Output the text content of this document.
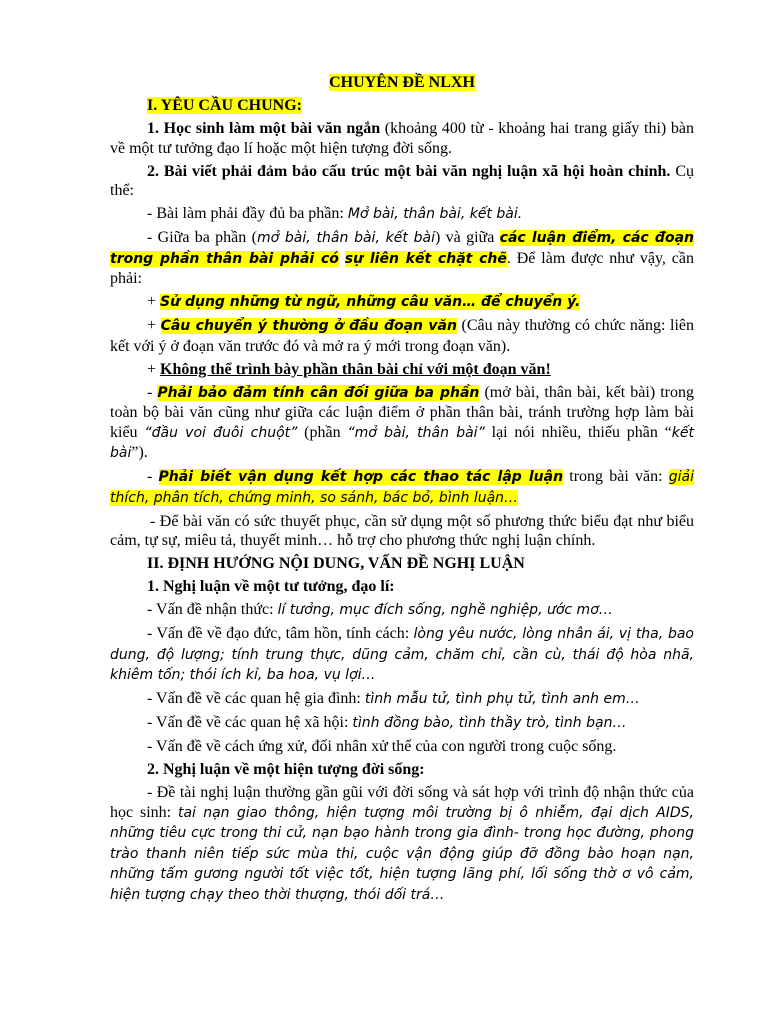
CHUYÊN ĐỀ NLXH

I. YÊU CẦU CHUNG:

1. Học sinh làm một bài văn ngắn (khoảng 400 từ - khoảng hai trang giấy thi) bàn về một tư tưởng đạo lí hoặc một hiện tượng đời sống.

2. Bài viết phải đảm bảo cấu trúc một bài văn nghị luận xã hội hoàn chỉnh. Cụ thể:

- Bài làm phải đầy đủ ba phần: Mở bài, thân bài, kết bài.

- Giữa ba phần (mở bài, thân bài, kết bài) và giữa các luận điểm, các đoạn trong phần thân bài phải có sự liên kết chặt chẽ. Để làm được như vậy, cần phải:

+ Sử dụng những từ ngữ, những câu văn… để chuyển ý.

+ Câu chuyển ý thường ở đầu đoạn văn (Câu này thường có chức năng: liên kết với ý ở đoạn văn trước đó và mở ra ý mới trong đoạn văn).

+ Không thể trình bày phần thân bài chỉ với một đoạn văn!

- Phải bảo đảm tính cân đối giữa ba phần (mở bài, thân bài, kết bài) trong toàn bộ bài văn cũng như giữa các luận điểm ở phần thân bài, tránh trường hợp làm bài kiểu “đầu voi đuôi chuột” (phần “mở bài, thân bài” lại nói nhiều, thiếu phần “kết bài”).

- Phải biết vận dụng kết hợp các thao tác lập luận trong bài văn: giải thích, phân tích, chứng minh, so sánh, bác bỏ, bình luận…

- Để bài văn có sức thuyết phục, cần sử dụng một số phương thức biểu đạt như biểu cảm, tự sự, miêu tả, thuyết minh… hỗ trợ cho phương thức nghị luận chính.

II. ĐỊNH HƯỚNG NỘI DUNG, VẤN ĐỀ NGHỊ LUẬN

1. Nghị luận về một tư tưởng, đạo lí:

- Vấn đề nhận thức: lí tưởng, mục đích sống, nghề nghiệp, ước mơ…

- Vấn đề về đạo đức, tâm hồn, tính cách: lòng yêu nước, lòng nhân ái, vị tha, bao dung, độ lượng; tính trung thực, dũng cảm, chăm chỉ, cần cù, thái độ hòa nhã, khiêm tốn; thói ích kỉ, ba hoa, vụ lợi…

- Vấn đề về các quan hệ gia đình: tình mẫu tử, tình phụ tử, tình anh em…

- Vấn đề về các quan hệ xã hội: tình đồng bào, tình thầy trò, tình bạn…

- Vấn đề về cách ứng xử, đối nhân xử thế của con người trong cuộc sống.

2. Nghị luận về một hiện tượng đời sống:

- Đề tài nghị luận thường gần gũi với đời sống và sát hợp với trình độ nhận thức của học sinh: tai nạn giao thông, hiện tượng môi trường bị ô nhiễm, đại dịch AIDS, những tiêu cực trong thi cử, nạn bạo hành trong gia đình- trong học đường, phong trào thanh niên tiếp sức mùa thi, cuộc vận động giúp đỡ đồng bào hoạn nạn, những tấm gương người tốt việc tốt, hiện tượng lãng phí, lối sống thờ ơ vô cảm, hiện tượng chạy theo thời thượng, thói dối trá…
